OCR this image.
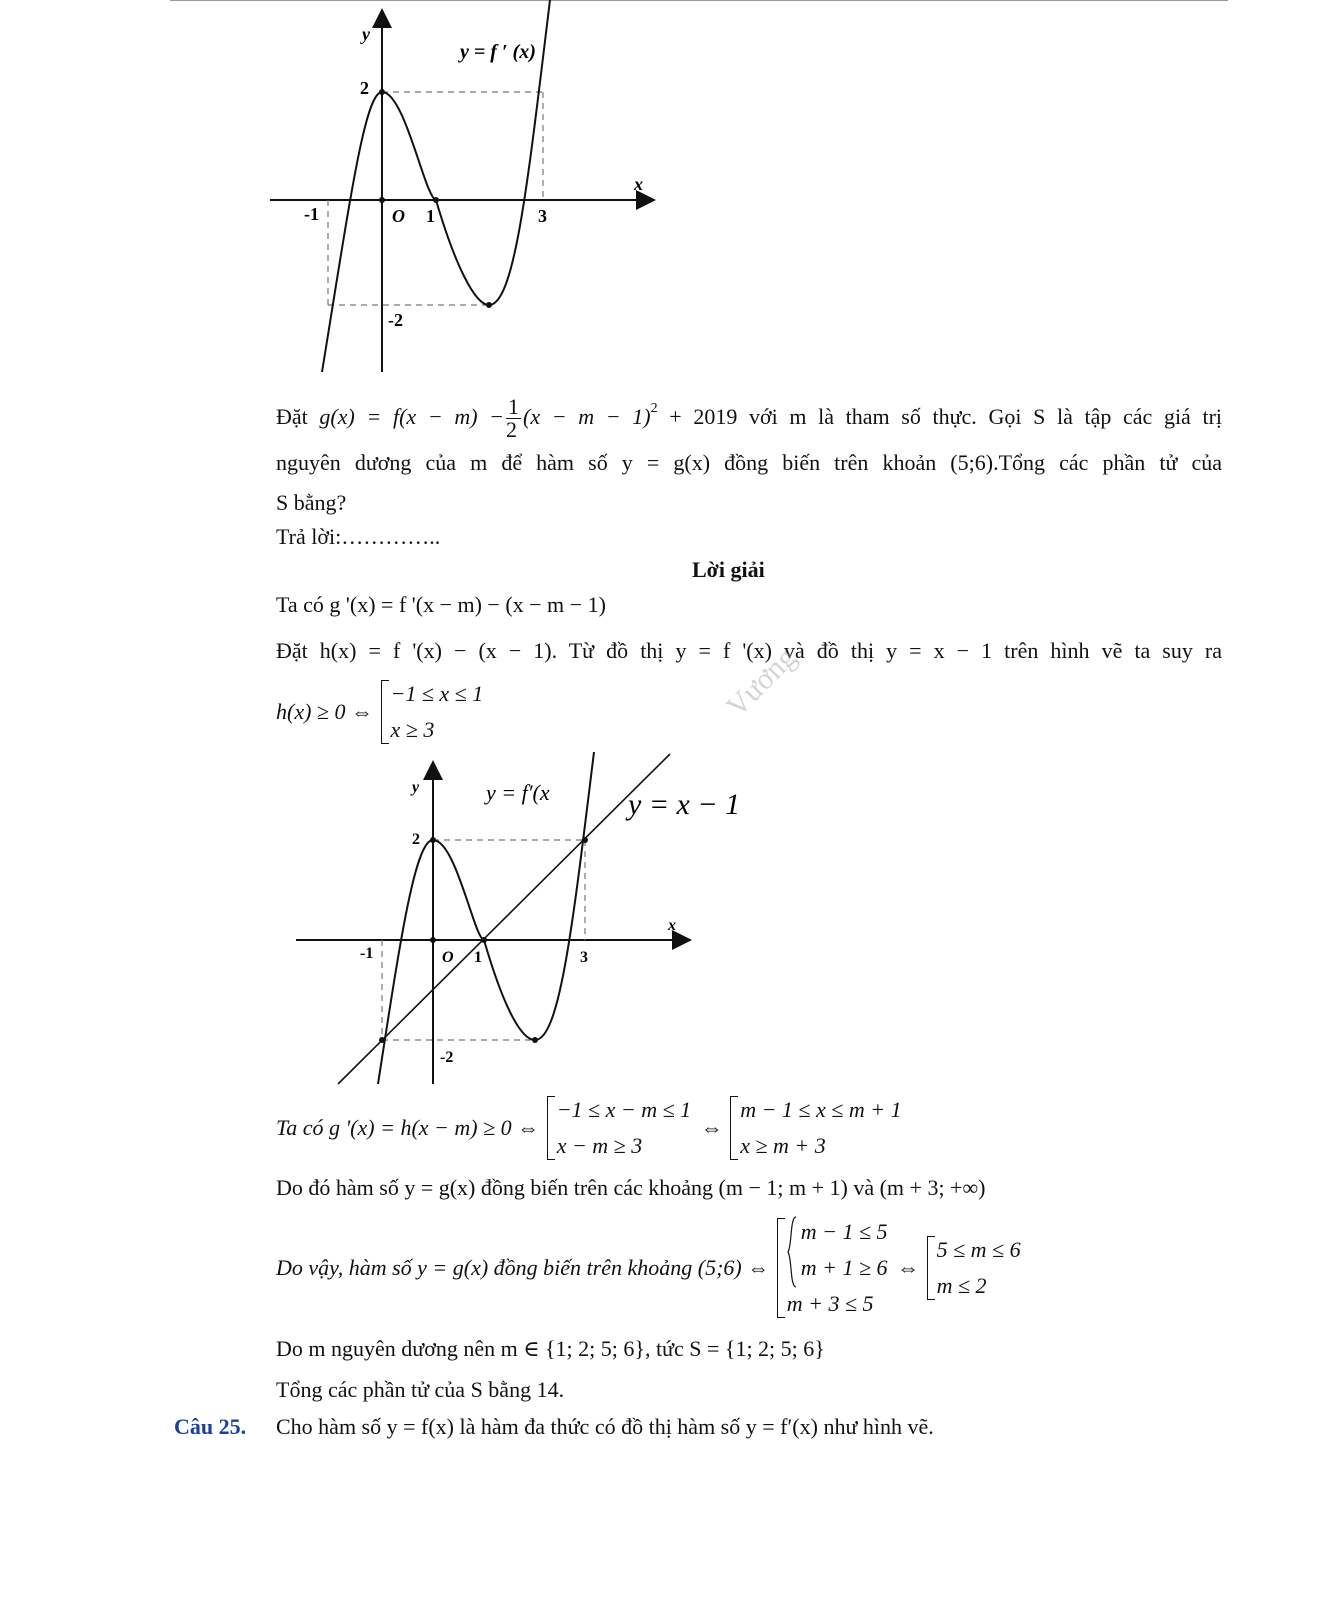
y = f ′ (x)
y
x
O
-1	1	3
2
-2
Đặt $g(x) = f(x - m) - \frac{1}{2} (x - m - 1)^2 + 2019$ với m là tham số thực. Gọi S là tập các giá trị
nguyên dương của m để hàm số y = g(x) đồng biến trên khoản (5;6).Tổng các phần tử của
S bằng?
Trả lời:…………..
Lời giải
Ta có g '(x) = f '(x − m) − (x − m − 1)
Đặt h(x) = f '(x) − (x − 1). Từ đồ thị y = f '(x) và đồ thị y = x − 1 trên hình vẽ ta suy ra
h(x) ≥ 0 ⇔
−1 ≤ x ≤ 1
x ≥ 3
Vương
y = f′(x	y = x − 1
y
x
O
-1	1	3
2
-2
Ta có g '(x) = h(x − m) ≥ 0 ⇔
−1 ≤ x − m ≤ 1
x − m ≥ 3
⇔
m − 1 ≤ x ≤ m + 1
x ≥ m + 3
Do đó hàm số y = g(x) đồng biến trên các khoảng (m − 1; m + 1) và (m + 3; +∞)
Do vậy, hàm số y = g(x) đồng biến trên khoảng (5;6) ⇔
m − 1 ≤ 5
m + 1 ≥ 6
m + 3 ≤ 5
⇔
5 ≤ m ≤ 6
m ≤ 2
Do m nguyên dương nên m ∈ {1; 2; 5; 6}, tức S = {1; 2; 5; 6}
Tổng các phần tử của S bằng 14.
Câu 25. Cho hàm số y = f(x) là hàm đa thức có đồ thị hàm số y = f′(x) như hình vẽ.
